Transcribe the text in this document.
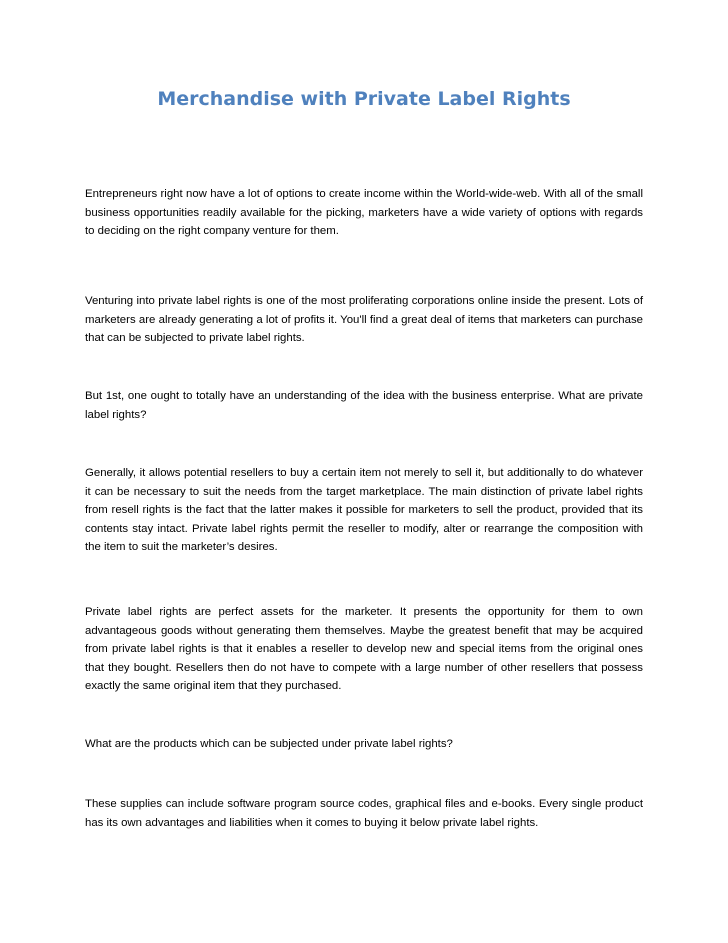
Merchandise with Private Label Rights

Entrepreneurs right now have a lot of options to create income within the World-wide-web. With all of the small business opportunities readily available for the picking, marketers have a wide variety of options with regards to deciding on the right company venture for them.

Venturing into private label rights is one of the most proliferating corporations online inside the present. Lots of marketers are already generating a lot of profits it. You'll find a great deal of items that marketers can purchase that can be subjected to private label rights.

But 1st, one ought to totally have an understanding of the idea with the business enterprise. What are private label rights?

Generally, it allows potential resellers to buy a certain item not merely to sell it, but additionally to do whatever it can be necessary to suit the needs from the target marketplace. The main distinction of private label rights from resell rights is the fact that the latter makes it possible for marketers to sell the product, provided that its contents stay intact. Private label rights permit the reseller to modify, alter or rearrange the composition with the item to suit the marketer’s desires.

Private label rights are perfect assets for the marketer. It presents the opportunity for them to own advantageous goods without generating them themselves. Maybe the greatest benefit that may be acquired from private label rights is that it enables a reseller to develop new and special items from the original ones that they bought. Resellers then do not have to compete with a large number of other resellers that possess exactly the same original item that they purchased.

What are the products which can be subjected under private label rights?

These supplies can include software program source codes, graphical files and e-books. Every single product has its own advantages and liabilities when it comes to buying it below private label rights.
